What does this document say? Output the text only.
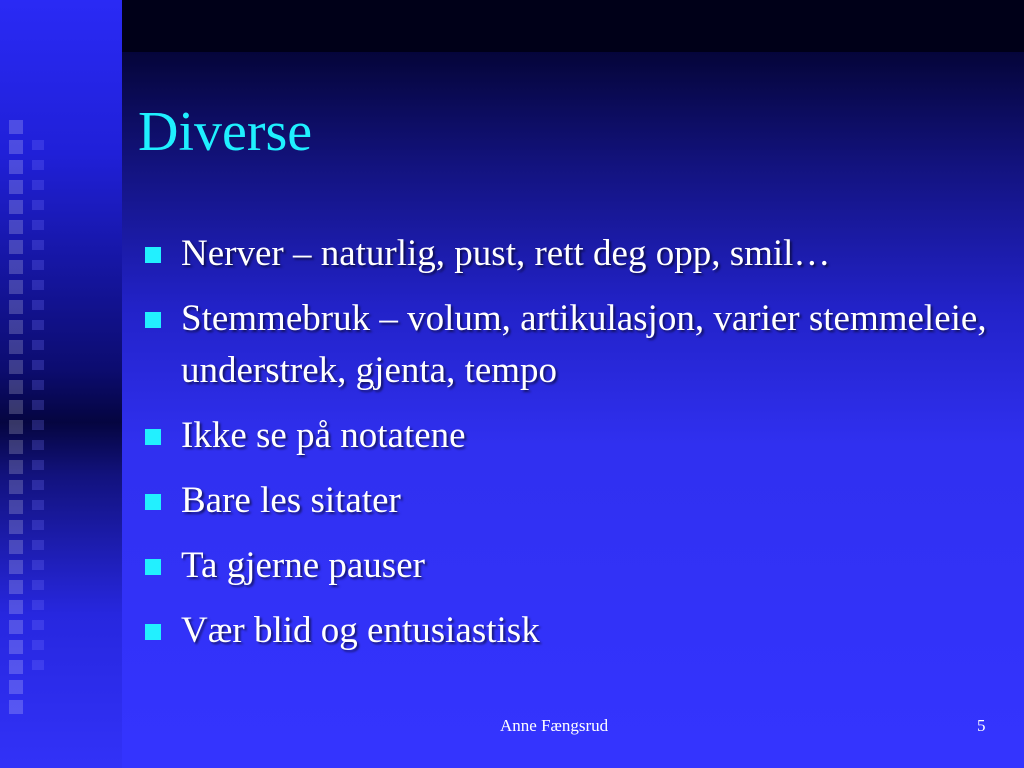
Diverse
Nerver – naturlig, pust, rett deg opp, smil…
Stemmebruk – volum, artikulasjon, varier stemmeleie, understrek, gjenta, tempo
Ikke se på notatene
Bare les sitater
Ta gjerne pauser
Vær blid og entusiastisk
Anne Fængsrud	5
